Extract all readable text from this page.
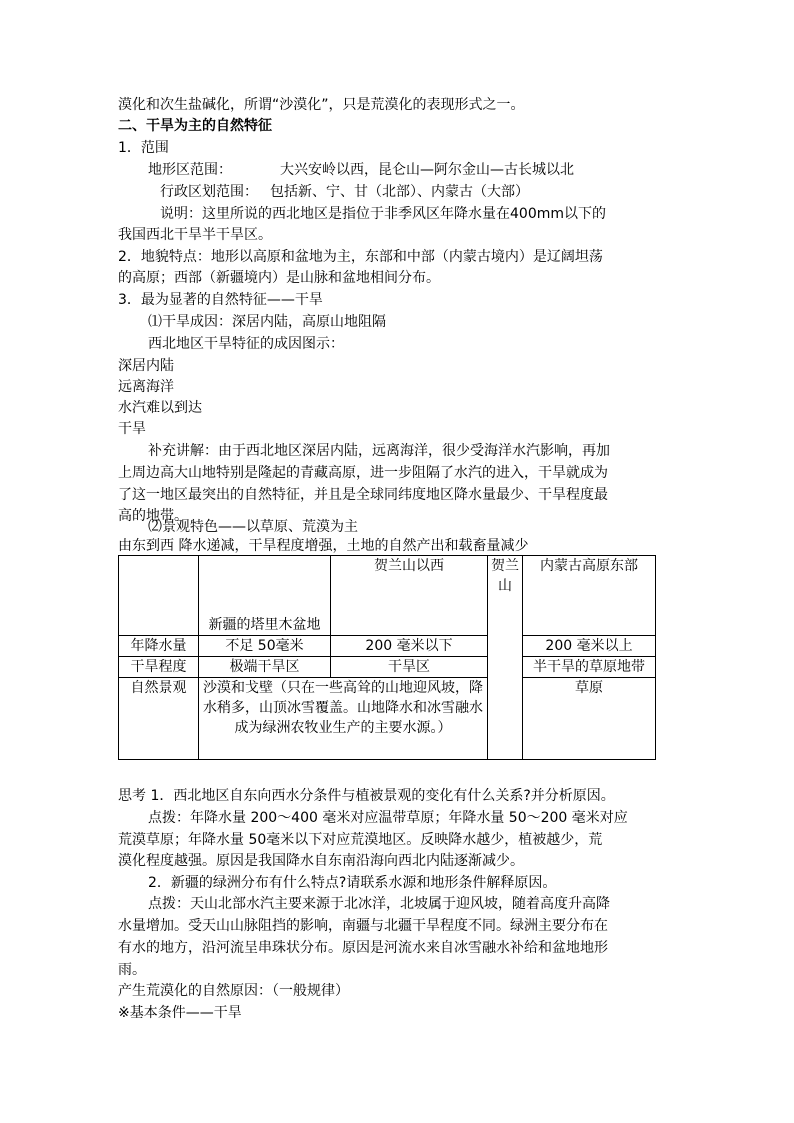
漠化和次生盐碱化，所谓“沙漠化”，只是荒漠化的表现形式之一。
二、干旱为主的自然特征
1．范围
地形区范围：	大兴安岭以西，昆仑山—阿尔金山—古长城以北
行政区划范围： 包括新、宁、甘（北部）、内蒙古（大部）
说明：这里所说的西北地区是指位于非季风区年降水量在400mm以下的
我国西北干旱半干旱区。
2．地貌特点：地形以高原和盆地为主，东部和中部（内蒙古境内）是辽阔坦荡
的高原；西部（新疆境内）是山脉和盆地相间分布。
3．最为显著的自然特征——干旱
⑴干旱成因：深居内陆，高原山地阻隔
西北地区干旱特征的成因图示：
深居内陆
远离海洋
水汽难以到达
干旱
补充讲解：由于西北地区深居内陆，远离海洋，很少受海洋水汽影响，再加
上周边高大山地特别是隆起的青藏高原，进一步阻隔了水汽的进入，干旱就成为
了这一地区最突出的自然特征，并且是全球同纬度地区降水量最少、干旱程度最
高的地带。
⑵景观特色——以草原、荒漠为主
由东到西 降水递减，干旱程度增强，土地的自然产出和载畜量减少
	新疆的塔里木盆地	贺兰山以西	贺兰山	内蒙古高原东部
年降水量	不足 50毫米	200 毫米以下		200 毫米以上
干旱程度	极端干旱区	干旱区		半干旱的草原地带
自然景观	沙漠和戈壁（只在一些高耸的山地迎风坡，降水稍多，山顶冰雪覆盖。山地降水和冰雪融水成为绿洲农牧业生产的主要水源。）			草原
思考 1．西北地区自东向西水分条件与植被景观的变化有什么关系?并分析原因。
点拨：年降水量 200～400 毫米对应温带草原；年降水量 50～200 毫米对应
荒漠草原；年降水量 50毫米以下对应荒漠地区。反映降水越少，植被越少，荒
漠化程度越强。原因是我国降水自东南沿海向西北内陆逐渐减少。
2．新疆的绿洲分布有什么特点?请联系水源和地形条件解释原因。
点拨：天山北部水汽主要来源于北冰洋，北坡属于迎风坡，随着高度升高降
水量增加。受天山山脉阻挡的影响，南疆与北疆干旱程度不同。绿洲主要分布在
有水的地方，沿河流呈串珠状分布。原因是河流水来自冰雪融水补给和盆地地形
雨。
产生荒漠化的自然原因：（一般规律）
※基本条件——干旱
